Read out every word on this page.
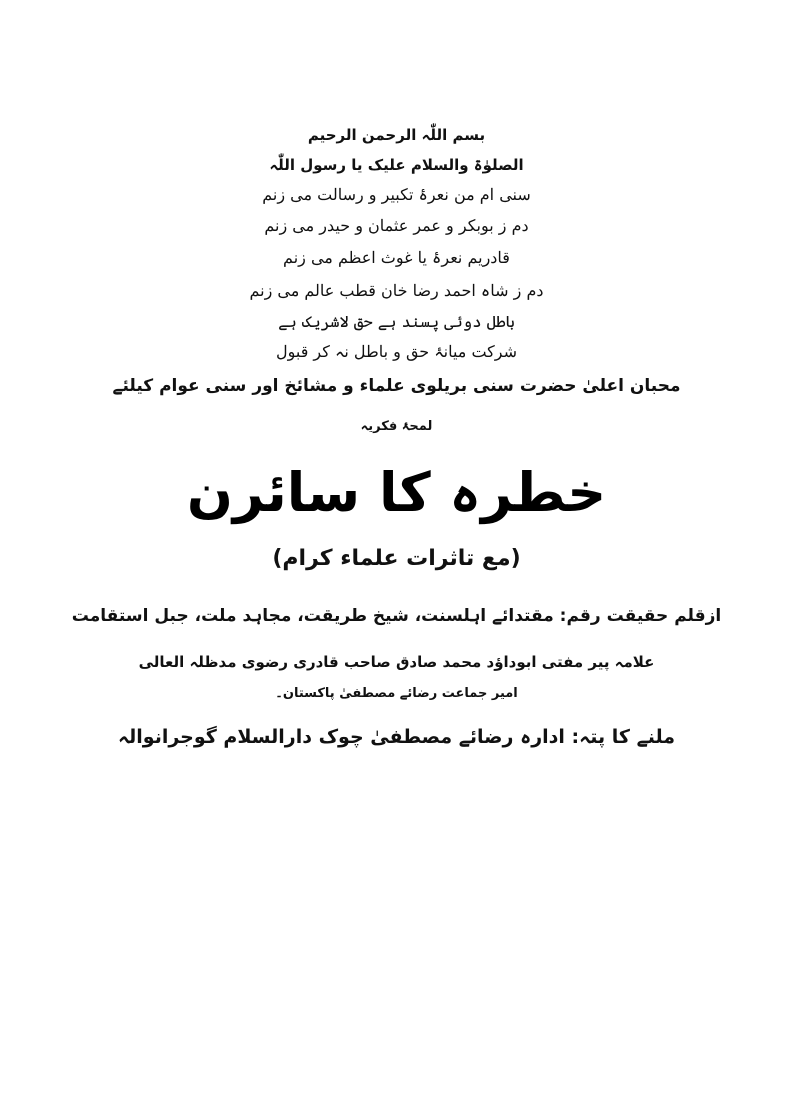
بسم اللّٰہ الرحمن الرحیم
الصلوٰۃ والسلام علیک یا رسول اللّٰہ
سنی ام من نعرۂ تکبیر و رسالت می زنم
دم ز بوبکر و عمر عثمان و حیدر می زنم
قادریم نعرۂ یا غوث اعظم می زنم
دم ز شاہ احمد رضا خان قطب عالم می زنم
باطل دوئی پسند ہے حق لاشریک ہے
شرکت میانۂ حق و باطل نہ کر قبول
محبان اعلیٰ حضرت سنی بریلوی علماء و مشائخ اور سنی عوام کیلئے
لمحۂ فکریہ
خطرہ کا سائرن
(مع تاثرات علماء کرام)
ازقلم حقیقت رقم: مقتدائے اہلسنت، شیخ طریقت، مجاہد ملت، جبل استقامت
علامہ پیر مفتی ابوداؤد محمد صادق صاحب قادری رضوی مدظلہ العالی
امیر جماعت رضائے مصطفیٰ پاکستان۔
ملنے کا پتہ: ادارہ رضائے مصطفیٰ چوک دارالسلام گوجرانوالہ
